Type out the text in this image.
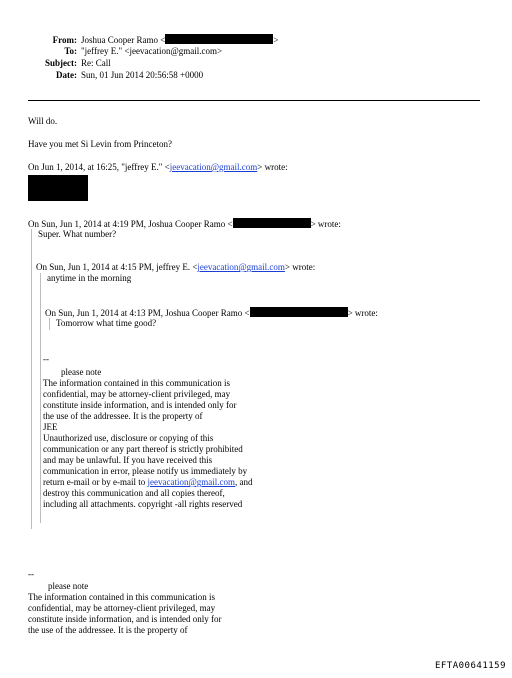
From: Joshua Cooper Ramo <	>
To: "jeffrey E." <jeevacation@gmail.com>
Subject: Re: Call
Date: Sun, 01 Jun 2014 20:56:58 +0000
Will do.
Have you met Si Levin from Princeton?
On Jun 1, 2014, at 16:25, "jeffrey E." <jeevacation@gmail.com> wrote:
On Sun, Jun 1, 2014 at 4:19 PM, Joshua Cooper Ramo <	> wrote:
Super. What number?
On Sun, Jun 1, 2014 at 4:15 PM, jeffrey E. <jeevacation@gmail.com> wrote:
anytime in the morning
On Sun, Jun 1, 2014 at 4:13 PM, Joshua Cooper Ramo <	> wrote:
Tomorrow what time good?
--
please note
The information contained in this communication is
confidential, may be attorney-client privileged, may
constitute inside information, and is intended only for
the use of the addressee. It is the property of
JEE
Unauthorized use, disclosure or copying of this
communication or any part thereof is strictly prohibited
and may be unlawful. If you have received this
communication in error, please notify us immediately by
return e-mail or by e-mail to jeevacation@gmail.com, and
destroy this communication and all copies thereof,
including all attachments. copyright -all rights reserved
--
please note
The information contained in this communication is
confidential, may be attorney-client privileged, may
constitute inside information, and is intended only for
the use of the addressee. It is the property of
EFTA00641159
